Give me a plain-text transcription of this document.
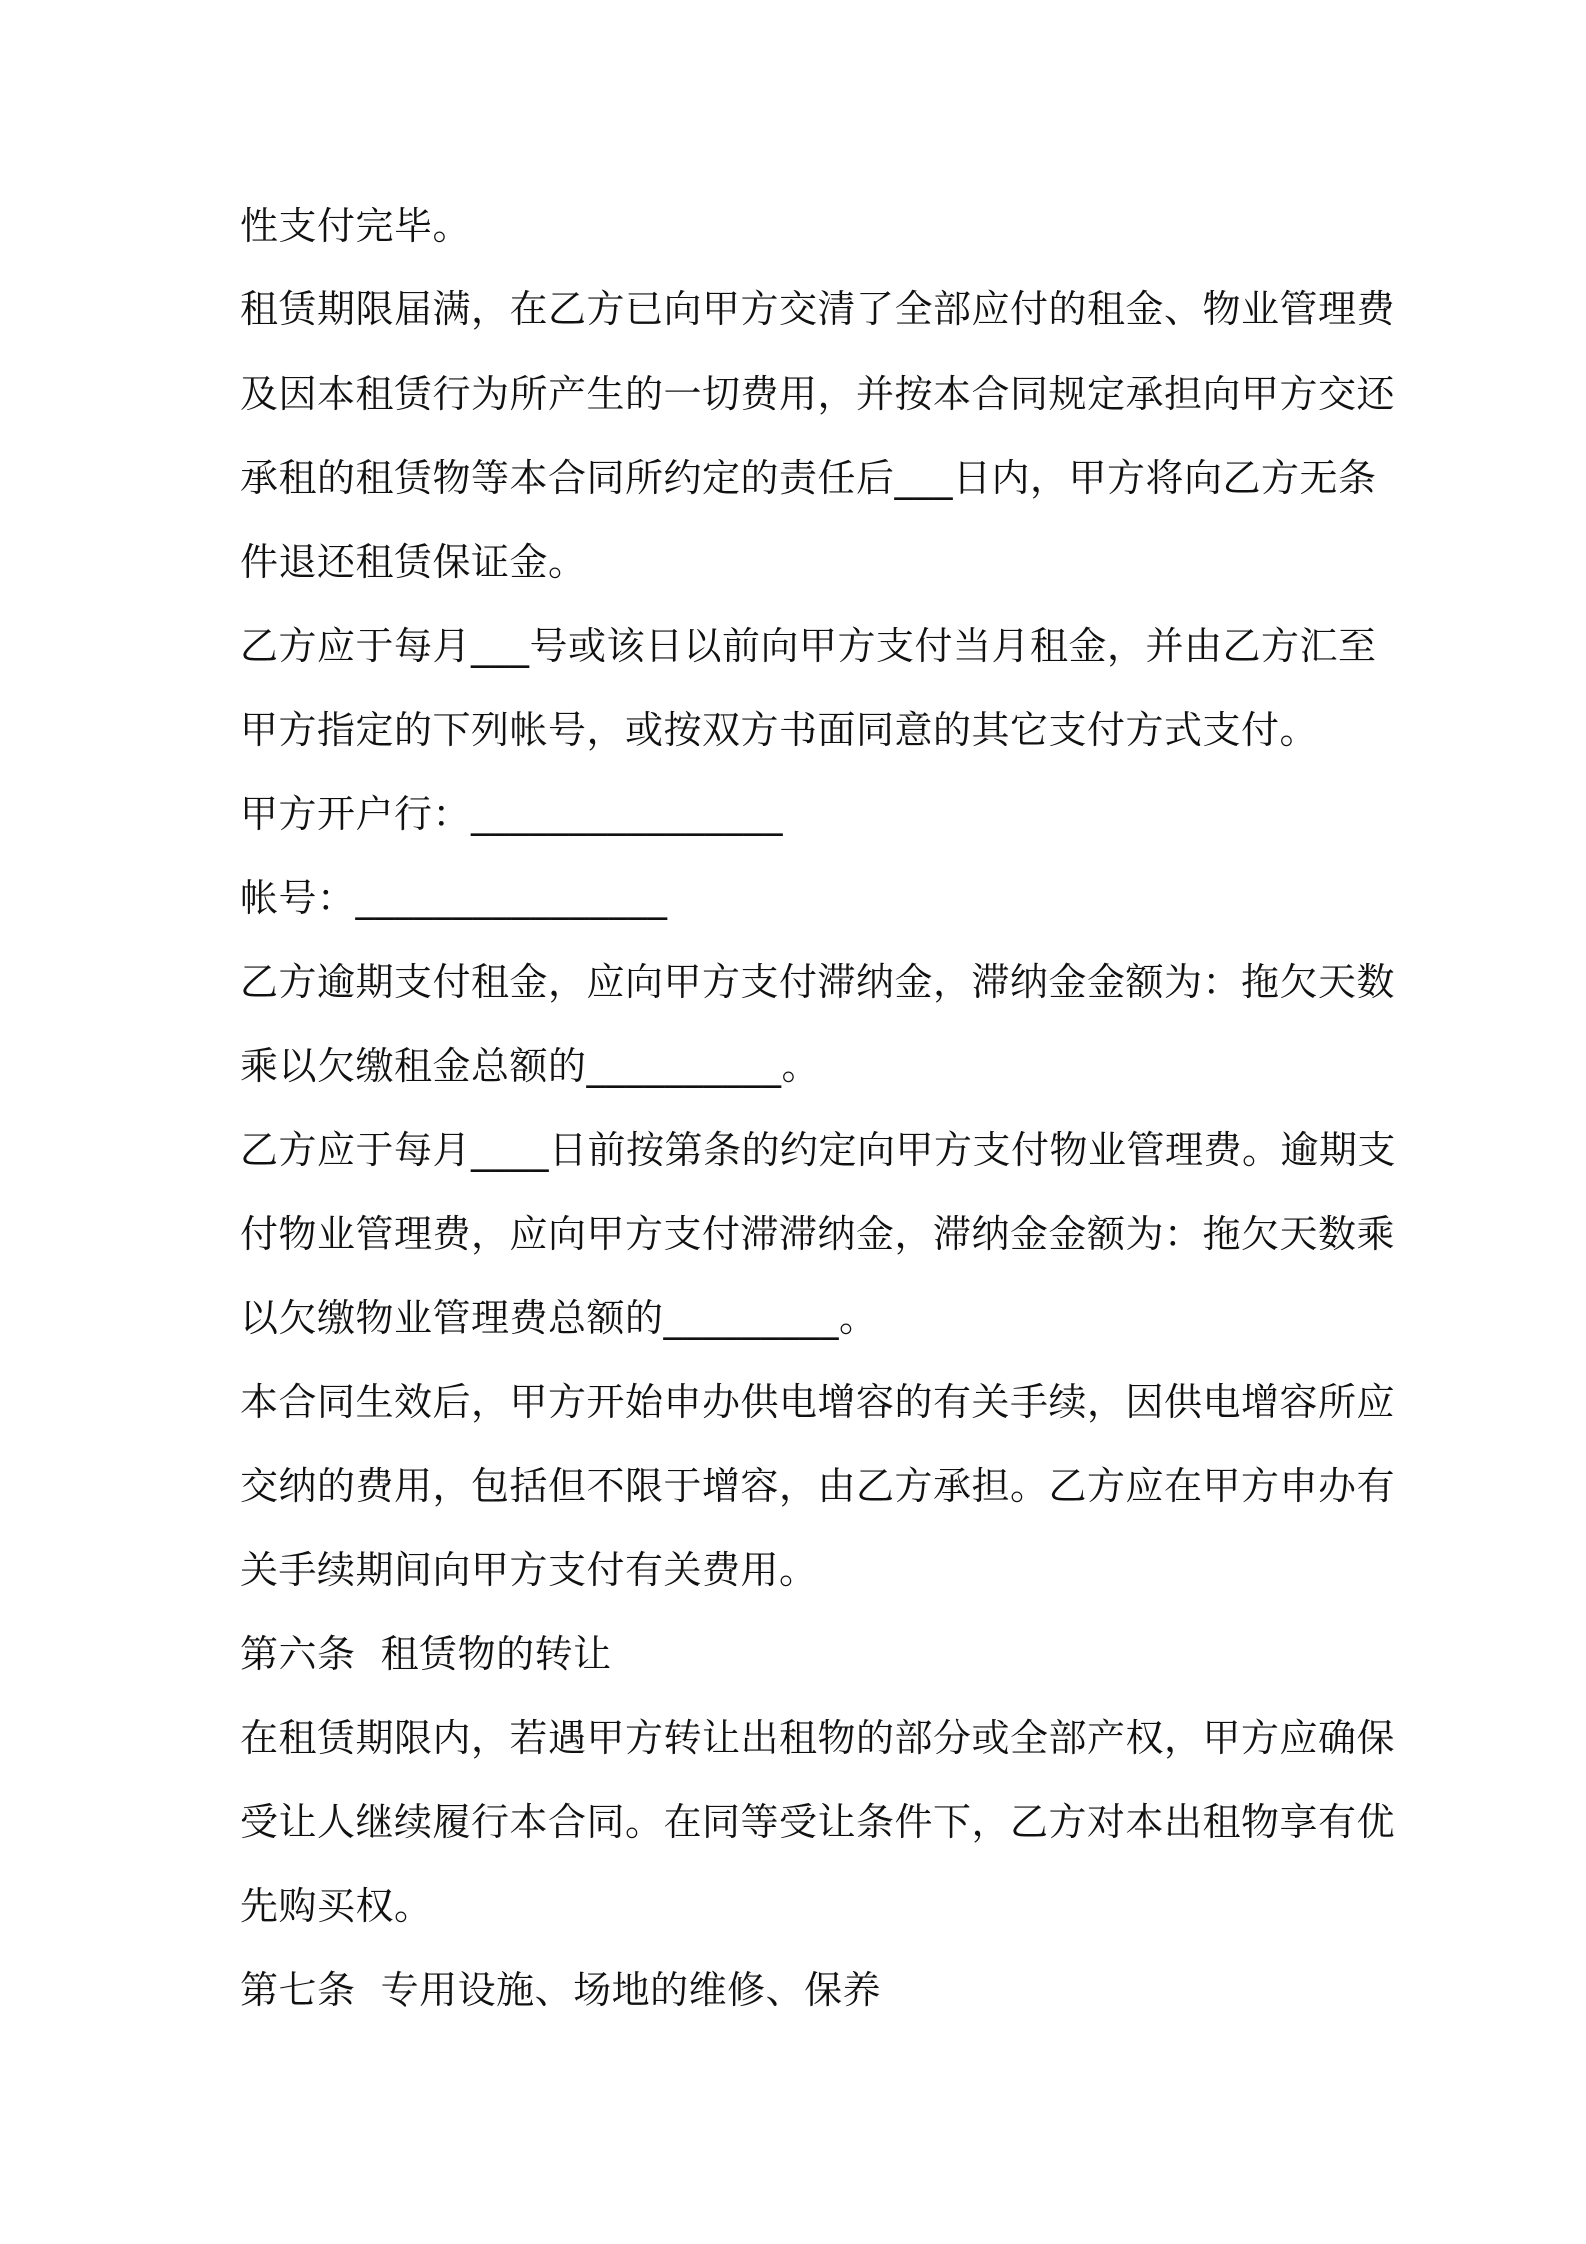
性支付完毕。
租赁期限届满，在乙方已向甲方交清了全部应付的租金、物业管理费
及因本租赁行为所产生的一切费用，并按本合同规定承担向甲方交还
承租的租赁物等本合同所约定的责任后___日内，甲方将向乙方无条
件退还租赁保证金。
乙方应于每月___号或该日以前向甲方支付当月租金，并由乙方汇至
甲方指定的下列帐号，或按双方书面同意的其它支付方式支付。
甲方开户行：________________
帐号：________________
乙方逾期支付租金，应向甲方支付滞纳金，滞纳金金额为：拖欠天数
乘以欠缴租金总额的__________。
乙方应于每月____日前按第条的约定向甲方支付物业管理费。逾期支
付物业管理费，应向甲方支付滞滞纳金，滞纳金金额为：拖欠天数乘
以欠缴物业管理费总额的_________。
本合同生效后，甲方开始申办供电增容的有关手续，因供电增容所应
交纳的费用，包括但不限于增容，由乙方承担。乙方应在甲方申办有
关手续期间向甲方支付有关费用。
第六条  租赁物的转让
在租赁期限内，若遇甲方转让出租物的部分或全部产权，甲方应确保
受让人继续履行本合同。在同等受让条件下，乙方对本出租物享有优
先购买权。
第七条  专用设施、场地的维修、保养
